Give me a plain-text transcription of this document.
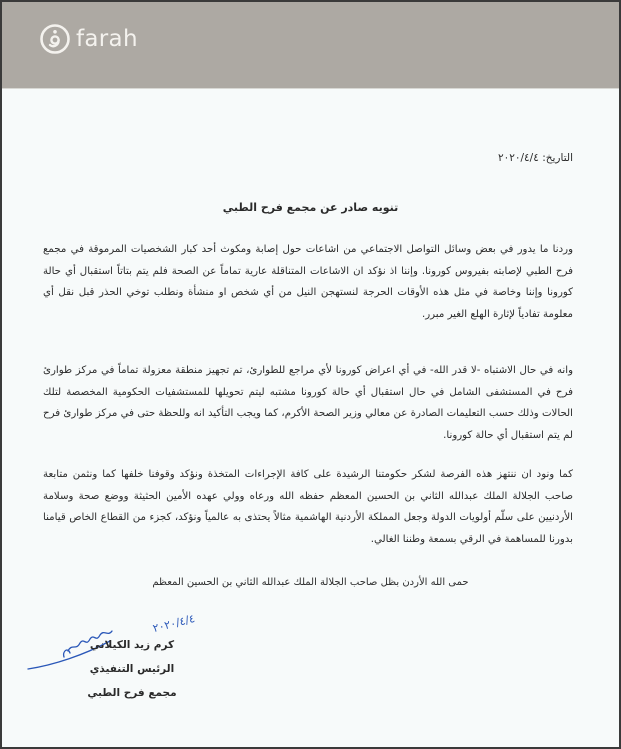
farah
التاريخ: ٢٠٢٠/٤/٤
تنويه صادر عن مجمع فرح الطبي
وردنا ما يدور في بعض وسائل التواصل الاجتماعي من اشاعات حول إصابة ومكوث أحد كبار الشخصيات المرموقة في مجمع فرح الطبي لإصابته بفيروس كورونا. وإننا اذ نؤكد ان الاشاعات المتناقلة عارية تماماً عن الصحة فلم يتم بتاتاً استقبال أي حالة كورونا وإننا وخاصة في مثل هذه الأوقات الحرجة لنستهجن النيل من أي شخص او منشأة ونطلب توخي الحذر قبل نقل أي معلومة تفادياً لإثارة الهلع الغير مبرر.
وانه في حال الاشتباه -لا قدر الله- في أي اعراض كورونا لأي مراجع للطوارئ، تم تجهيز منطقة معزولة تماماً في مركز طوارئ فرح في المستشفى الشامل في حال استقبال أي حالة كورونا مشتبه ليتم تحويلها للمستشفيات الحكومية المخصصة لتلك الحالات وذلك حسب التعليمات الصادرة عن معالي وزير الصحة الأكرم، كما ويجب التأكيد انه وللحظة حتى في مركز طوارئ فرح لم يتم استقبال أي حالة كورونا.
كما ونود ان ننتهز هذه الفرصة لشكر حكومتنا الرشيدة على كافة الإجراءات المتخذة ونؤكد وقوفنا خلفها كما ونثمن متابعة صاحب الجلالة الملك عبدالله الثاني بن الحسين المعظم حفظه الله ورعاه وولي عهده الأمين الحثيثة ووضع صحة وسلامة الأردنيين على سلّم أولويات الدولة وجعل المملكة الأردنية الهاشمية مثالاً يحتذى به عالمياً ونؤكد، كجزء من القطاع الخاص قيامنا بدورنا للمساهمة في الرقي بسمعة وطننا الغالي.
حمى الله الأردن بظل صاحب الجلالة الملك عبدالله الثاني بن الحسين المعظم
٢٠٢٠/٤/٤
كرم زيد الكيلاني
الرئيس التنفيذي
مجمع فرح الطبي
